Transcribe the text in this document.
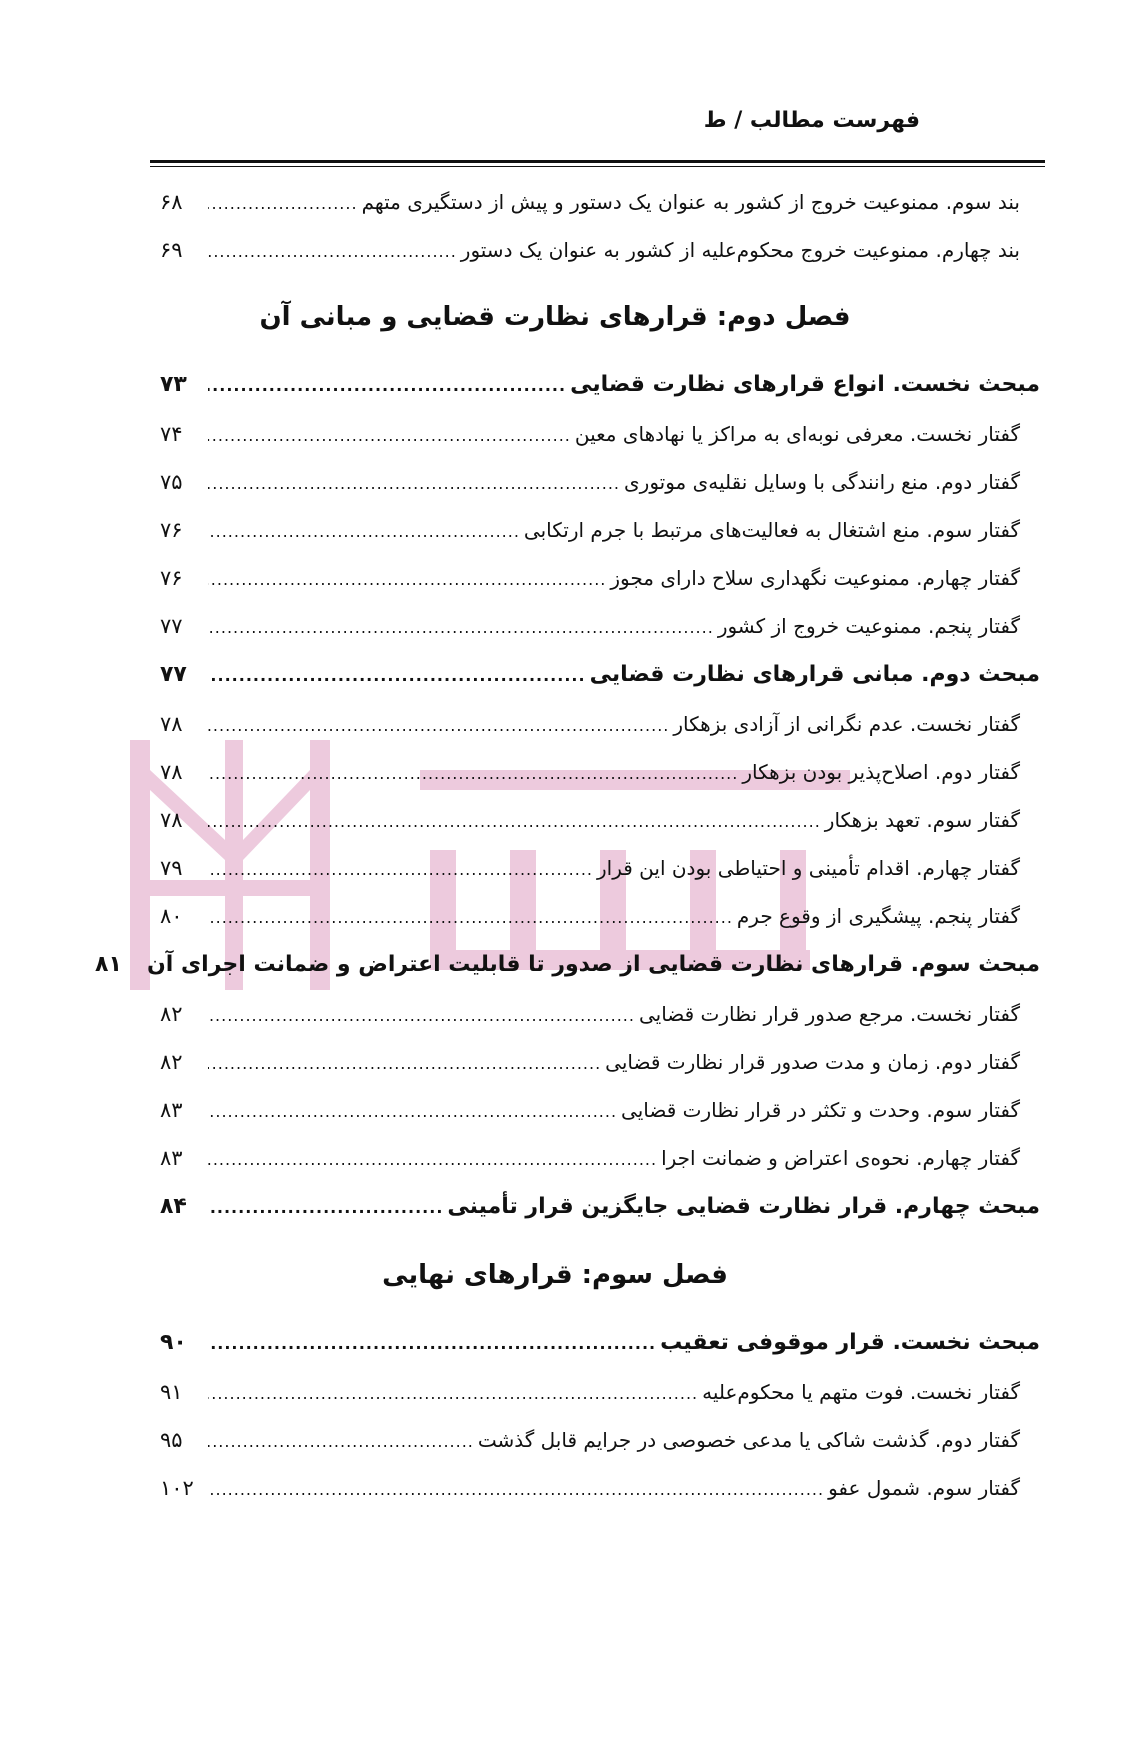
فهرست مطالب / ط
بند سوم. ممنوعیت خروج از کشور به عنوان یک دستور و پیش از دستگیری متهم
.....
۶۸
بند چهارم. ممنوعیت خروج محکوم‌علیه از کشور به عنوان یک دستور
.....
۶۹
فصل دوم: قرارهای نظارت قضایی و مبانی آن
مبحث نخست. انواع قرارهای نظارت قضایی
.....
۷۳
گفتار نخست. معرفی نوبه‌ای به مراکز یا نهادهای معین
.....
۷۴
گفتار دوم. منع رانندگی با وسایل نقلیه‌ی موتوری
.....
۷۵
گفتار سوم. منع اشتغال به فعالیت‌های مرتبط با جرم ارتکابی
.....
۷۶
گفتار چهارم. ممنوعیت نگهداری سلاح دارای مجوز
.....
۷۶
گفتار پنجم. ممنوعیت خروج از کشور
.....
۷۷
مبحث دوم. مبانی قرارهای نظارت قضایی
.....
۷۷
گفتار نخست. عدم نگرانی از آزادی بزهکار
.....
۷۸
گفتار دوم. اصلاح‌پذیر بودن بزهکار
.....
۷۸
گفتار سوم. تعهد بزهکار
.....
۷۸
گفتار چهارم. اقدام تأمینی و احتیاطی بودن این قرار
.....
۷۹
گفتار پنجم. پیشگیری از وقوع جرم
.....
۸۰
مبحث سوم. قرارهای نظارت قضایی از صدور تا قابلیت اعتراض و ضمانت اجرای آن
۸۱
گفتار نخست. مرجع صدور قرار نظارت قضایی
.....
۸۲
گفتار دوم. زمان و مدت صدور قرار نظارت قضایی
.....
۸۲
گفتار سوم. وحدت و تکثر در قرار نظارت قضایی
.....
۸۳
گفتار چهارم. نحوه‌ی اعتراض و ضمانت اجرا
.....
۸۳
مبحث چهارم. قرار نظارت قضایی جایگزین قرار تأمینی
.....
۸۴
فصل سوم: قرارهای نهایی
مبحث نخست. قرار موقوفی تعقیب
.....
۹۰
گفتار نخست. فوت متهم یا محکوم‌علیه
.....
۹۱
گفتار دوم. گذشت شاکی یا مدعی خصوصی در جرایم قابل گذشت
.....
۹۵
گفتار سوم. شمول عفو
.....
۱۰۲
